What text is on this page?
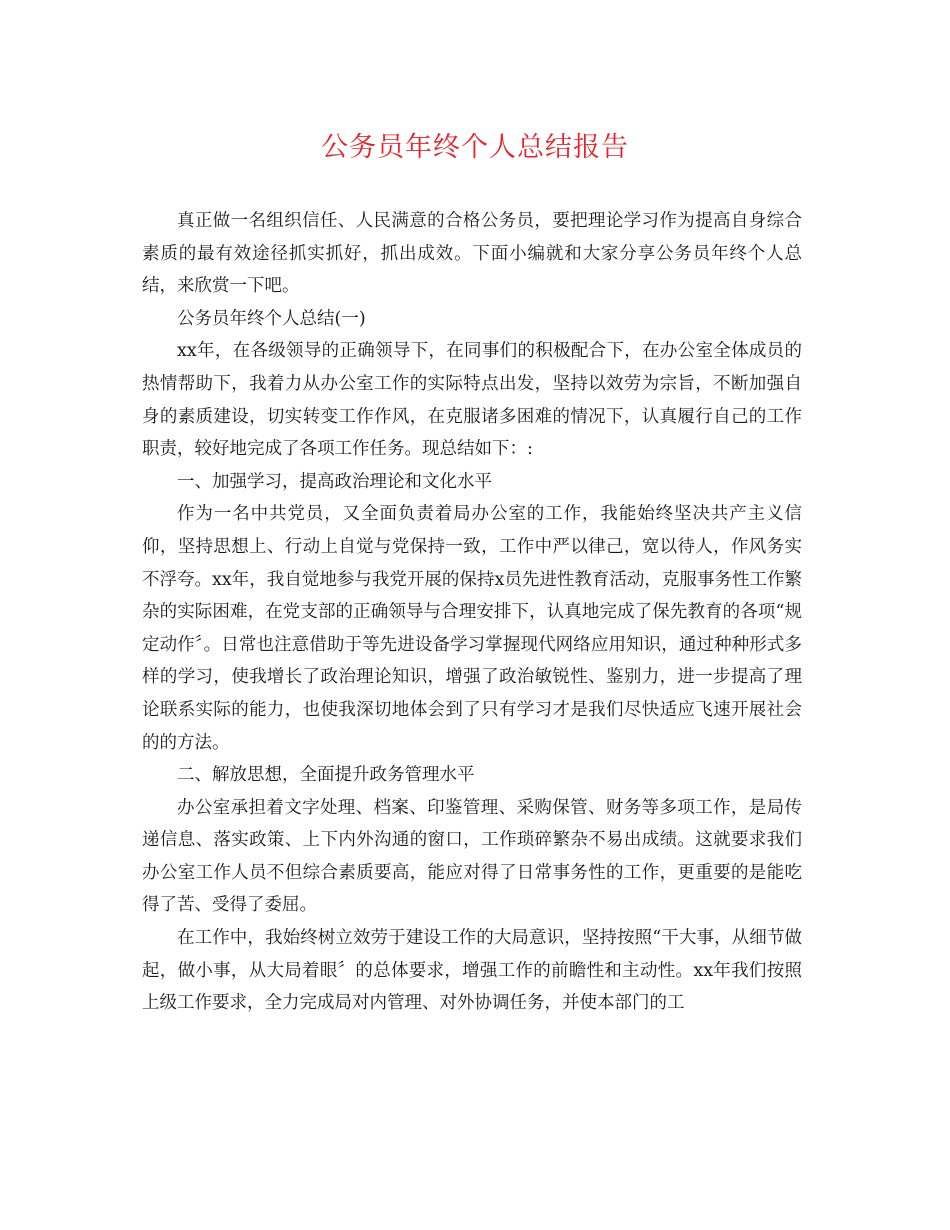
公务员年终个人总结报告

真正做一名组织信任、人民满意的合格公务员，要把理论学习作为提高自身综合素质的最有效途径抓实抓好，抓出成效。下面小编就和大家分享公务员年终个人总结，来欣赏一下吧。

公务员年终个人总结(一)

xx年，在各级领导的正确领导下，在同事们的积极配合下，在办公室全体成员的热情帮助下，我着力从办公室工作的实际特点出发，坚持以效劳为宗旨，不断加强自身的素质建设，切实转变工作作风，在克服诸多困难的情况下，认真履行自己的工作职责，较好地完成了各项工作任务。现总结如下：:

一、加强学习，提高政治理论和文化水平

作为一名中共党员，又全面负责着局办公室的工作，我能始终坚决共产主义信仰，坚持思想上、行动上自觉与党保持一致，工作中严以律己，宽以待人，作风务实不浮夸。xx年，我自觉地参与我党开展的保持x员先进性教育活动，克服事务性工作繁杂的实际困难，在党支部的正确领导与合理安排下，认真地完成了保先教育的各项“规定动作〞。日常也注意借助于等先进设备学习掌握现代网络应用知识，通过种种形式多样的学习，使我增长了政治理论知识，增强了政治敏锐性、鉴别力，进一步提高了理论联系实际的能力，也使我深切地体会到了只有学习才是我们尽快适应飞速开展社会的的方法。

二、解放思想，全面提升政务管理水平

办公室承担着文字处理、档案、印鉴管理、采购保管、财务等多项工作，是局传递信息、落实政策、上下内外沟通的窗口，工作琐碎繁杂不易出成绩。这就要求我们办公室工作人员不但综合素质要高，能应对得了日常事务性的工作，更重要的是能吃得了苦、受得了委屈。

在工作中，我始终树立效劳于建设工作的大局意识，坚持按照“干大事，从细节做起，做小事，从大局着眼〞的总体要求，增强工作的前瞻性和主动性。xx年我们按照上级工作要求，全力完成局对内管理、对外协调任务，并使本部门的工
